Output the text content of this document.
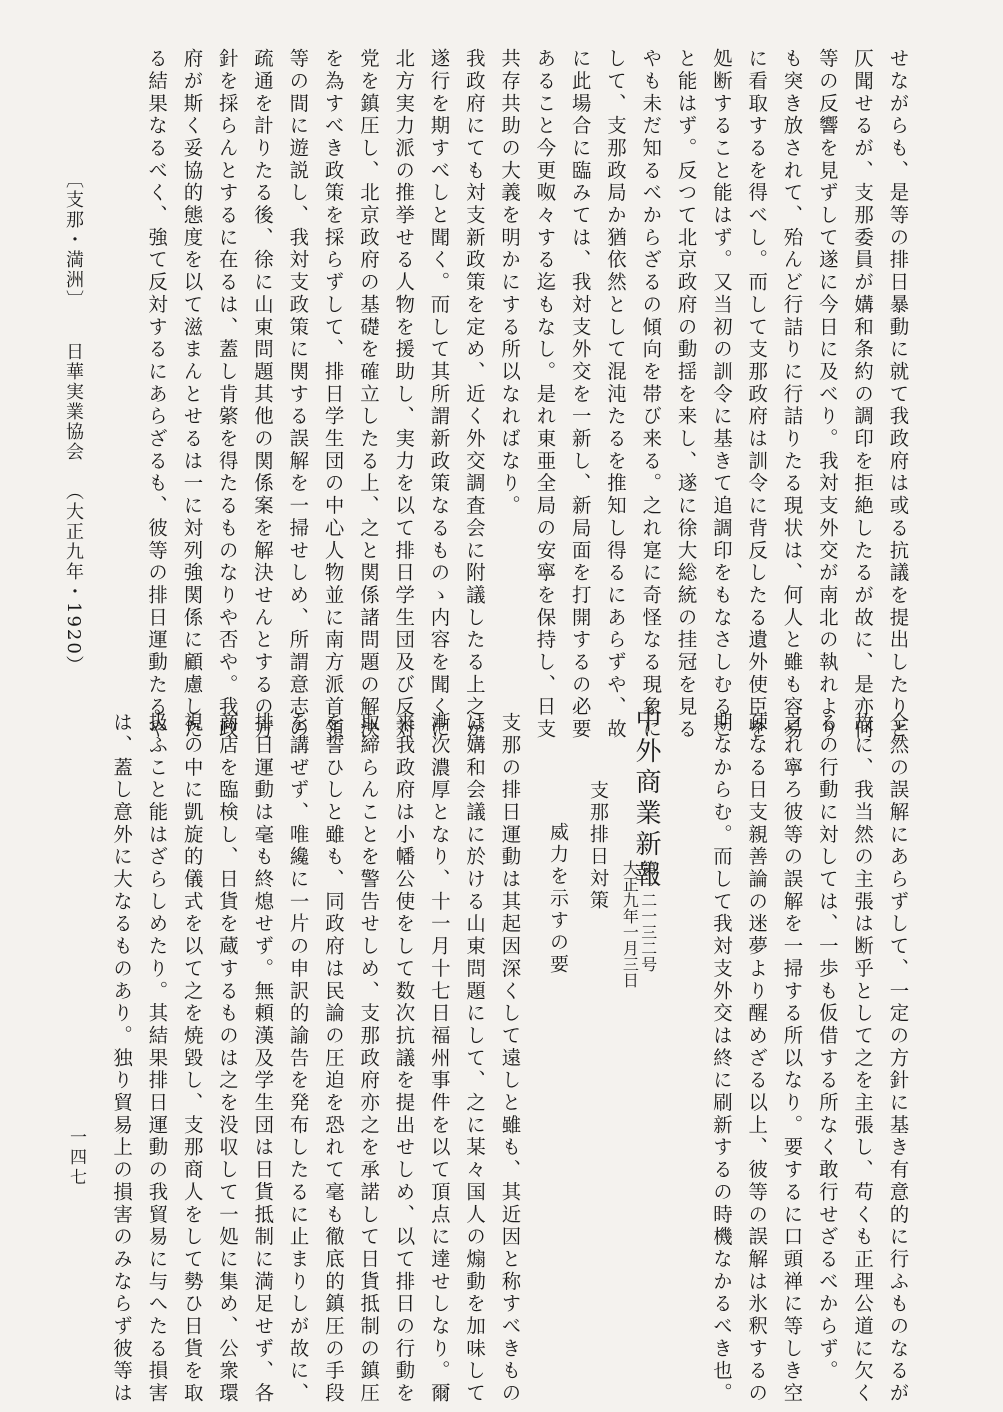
せながらも、是等の排日暴動に就て我政府は或る抗議を提出したりと
仄聞せるが、支那委員が媾和条約の調印を拒絶したるが故に、是亦何
等の反響を見ずして遂に今日に及べり。我対支外交が南北の執れより
も突き放されて、殆んど行詰りに行詰りたる現状は、何人と雖も容易
に看取するを得べし。而して支那政府は訓令に背反したる遺外使臣を
処断すること能はず。又当初の訓令に基きて追調印をもなさしむるこ
と能はず。反つて北京政府の動揺を来し、遂に徐大総統の挂冠を見る
やも未だ知るべからざるの傾向を帯び来る。之れ寔に奇怪なる現象に
して、支那政局か猶依然として混沌たるを推知し得るにあらずや、故
に此場合に臨みては、我対支外交を一新し、新局面を打開するの必要
あること今更呶々する迄もなし。是れ東亜全局の安寧を保持し、日支
共存共助の大義を明かにする所以なればなり。
我政府にても対支新政策を定め、近く外交調査会に附議したる上之が
遂行を期すべしと聞く。而して其所謂新政策なるものゝ内容を聞くに
北方実力派の推挙せる人物を援助し、実力を以て排日学生団及び反対
党を鎮圧し、北京政府の基礎を確立したる上、之と関係諸問題の解決
を為すべき政策を採らずして、排日学生団の中心人物並に南方派首領
等の間に遊説し、我対支政策に関する誤解を一掃せしめ、所謂意志の
疏通を計りたる後、徐に山東問題其他の関係案を解決せんとするの方
針を採らんとするに在るは、蓋し肯綮を得たるものなりや否や。我政
府が斯く妥協的態度を以て滋まんとせるは一に対列強関係に顧慮した
る結果なるべく、強て反対するにあらざるも、彼等の排日運動たるや
全然の誤解にあらずして、一定の方針に基き有意的に行ふものなるが
故に、我当然の主張は断乎として之を主張し、苟くも正理公道に欠く
るの行動に対しては、一歩も仮借する所なく敢行せざるべからず。
之れ寧ろ彼等の誤解を一掃する所以なり。要するに口頭禅に等しき空
疎なる日支親善論の迷夢より醒めざる以上、彼等の誤解は氷釈するの
期なからむ。而して我対支外交は終に刷新するの時機なかるべき也。
支那の排日運動は其起因深くして遠しと雖も、其近因と称すべきもの
は媾和会議に於ける山東問題にして、之に某々国人の煽動を加味して
漸次濃厚となり、十一月十七日福州事件を以て頂点に達せしなり。爾
来我政府は小幡公使をして数次抗議を提出せしめ、以て排日の行動を
取締らんことを警告せしめ、支那政府亦之を承諾して日貨抵制の鎮圧
を誓ひしと雖も、同政府は民論の圧迫を恐れて毫も徹底的鎮圧の手段
を講ぜず、唯纔に一片の申訳的諭告を発布したるに止まりしが故に、
排日運動は毫も終熄せず。無頼漢及学生団は日貨抵制に満足せず、各
商店を臨検し、日貨を蔵するものは之を没収して一処に集め、公衆環
視の中に凱旋的儀式を以て之を焼毀し、支那商人をして勢ひ日貨を取
扱ふこと能はざらしめたり。其結果排日運動の我貿易に与へたる損害
は、蓋し意外に大なるものあり。独り貿易上の損害のみならず彼等は	中外商業新報
第一二一三二号
大正九年一月三日
支那排日対策
威力を示すの要
〔支那・満洲〕日華実業協会（大正九年・1920）
一四七
